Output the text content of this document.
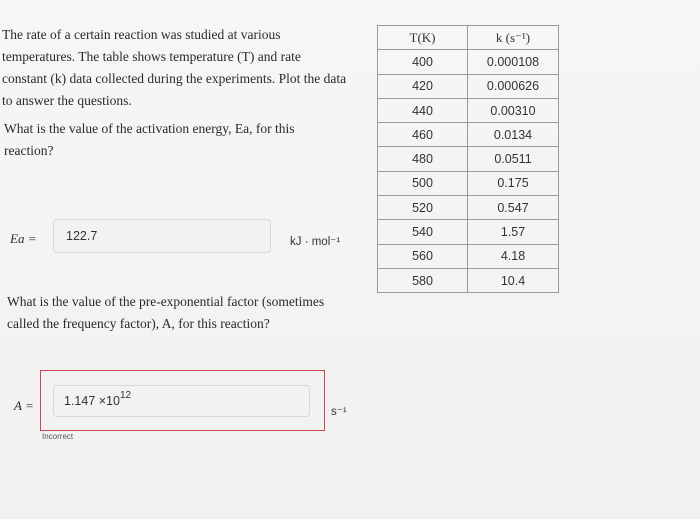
The rate of a certain reaction was studied at various temperatures. The table shows temperature (T) and rate constant (k) data collected during the experiments. Plot the data to answer the questions.
What is the value of the activation energy, Ea, for this reaction?
Ea =	122.7	kJ · mol⁻¹
What is the value of the pre-exponential factor (sometimes called the frequency factor), A, for this reaction?
A = 1.147 ×10 12
s⁻¹
Incorrect
T(K)	k (s⁻¹)
400	0.000108
420	0.000626
440	0.00310
460	0.0134
480	0.0511
500	0.175
520	0.547
540	1.57
560	4.18
580	10.4
